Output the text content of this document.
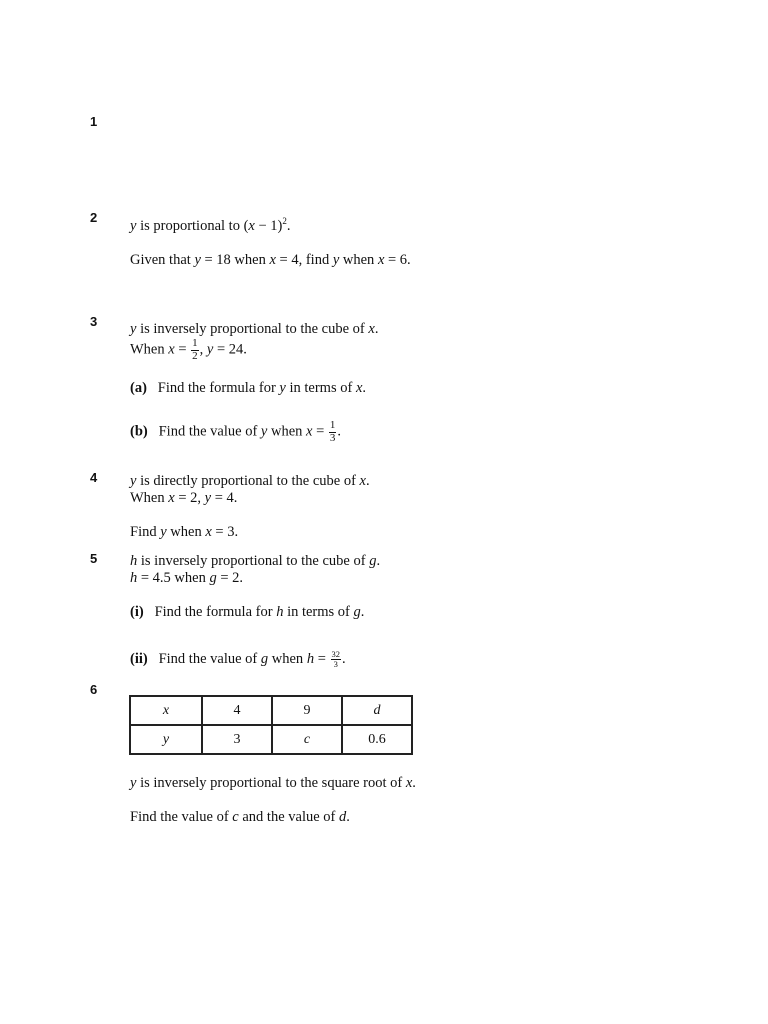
1
2
y is proportional to $(x - 1)^2$.
Given that y = 18 when x = 4, find y when x = 6.
3 y is inversely proportional to the cube of x.
When $x = \frac{1}{2}$ , y = 24.
(a) Find the formula for y in terms of x.
(b) Find the value of y when $x = \frac{1}{3}$ .
4 y is directly proportional to the cube of x.
When x = 2, y = 4.
Find y when x = 3.
5 h is inversely proportional to the cube of g.
h = 4.5 when g = 2.
(i) Find the formula for h in terms of g.
(ii) Find the value of g when $h = \frac{32}{3}$ .
6
x	4	9	d
y	3	c	0.6
y is inversely proportional to the square root of x.
Find the value of c and the value of d.
